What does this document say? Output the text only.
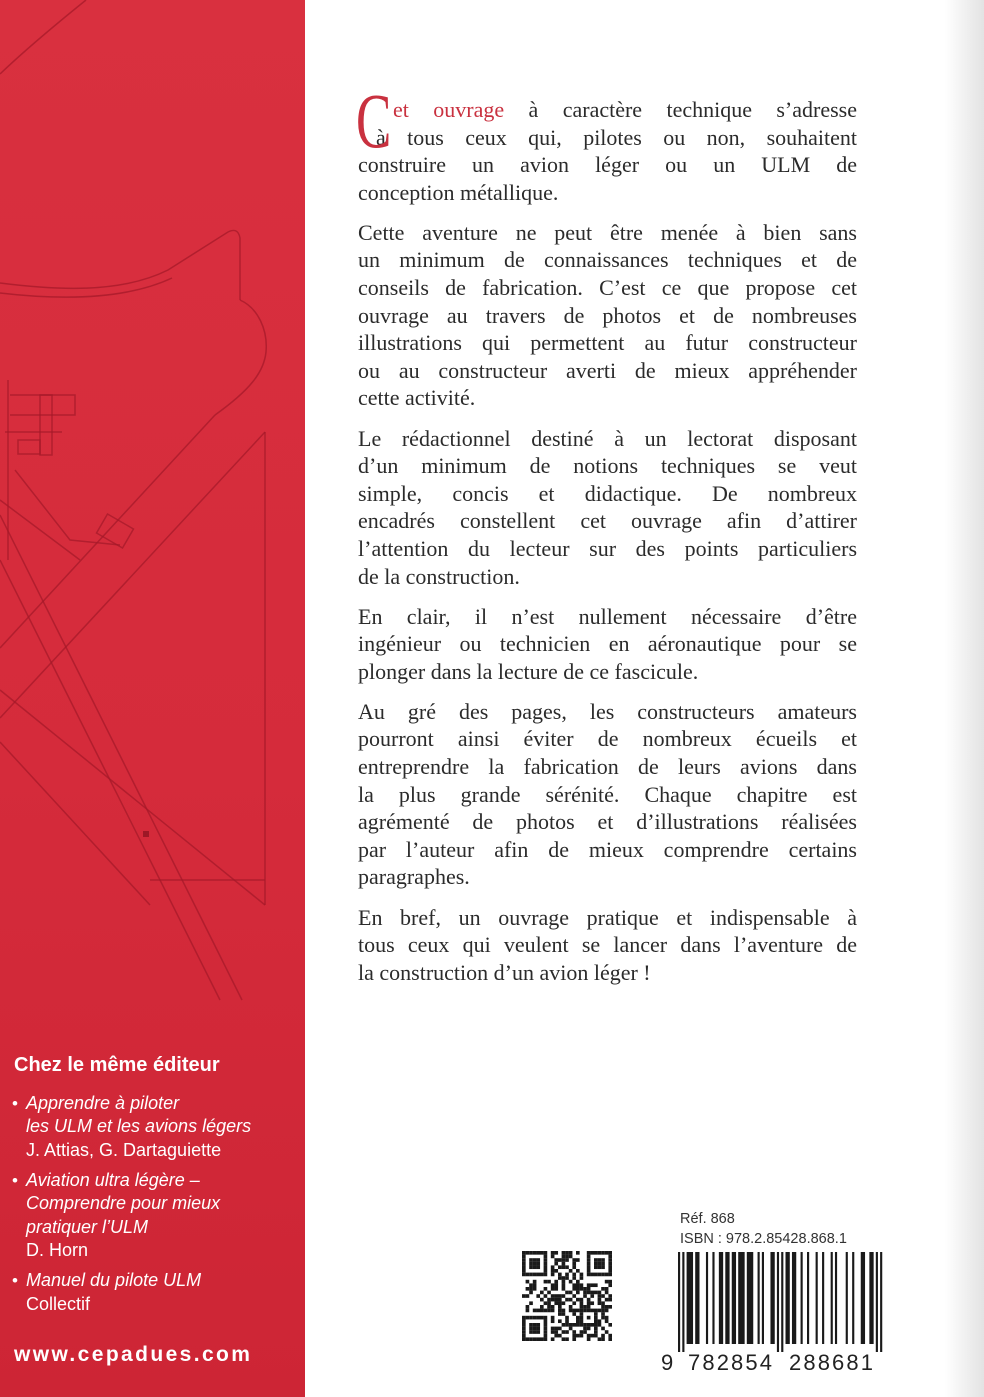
Chez le même éditeur
• Apprendre à piloter
les ULM et les avions légers
J. Attias, G. Dartaguiette
• Aviation ultra légère –
Comprendre pour mieux
pratiquer l’ULM
D. Horn
• Manuel du pilote ULM
Collectif
www.cepadues.com
C et ouvrage à caractère technique s’adresse
à tous ceux qui, pilotes ou non, souhaitent
construire un avion léger ou un ULM de
conception métallique.
Cette aventure ne peut être menée à bien sans
un minimum de connaissances techniques et de
conseils de fabrication. C’est ce que propose cet
ouvrage au travers de photos et de nombreuses
illustrations qui permettent au futur constructeur
ou au constructeur averti de mieux appréhender
cette activité.
Le rédactionnel destiné à un lectorat disposant
d’un minimum de notions techniques se veut
simple, concis et didactique. De nombreux
encadrés constellent cet ouvrage afin d’attirer
l’attention du lecteur sur des points particuliers
de la construction.
En clair, il n’est nullement nécessaire d’être
ingénieur ou technicien en aéronautique pour se
plonger dans la lecture de ce fascicule.
Au gré des pages, les constructeurs amateurs
pourront ainsi éviter de nombreux écueils et
entreprendre la fabrication de leurs avions dans
la plus grande sérénité. Chaque chapitre est
agrémenté de photos et d’illustrations réalisées
par l’auteur afin de mieux comprendre certains
paragraphes.
En bref, un ouvrage pratique et indispensable à
tous ceux qui veulent se lancer dans l’aventure de
la construction d’un avion léger !
Réf. 868
ISBN : 978.2.85428.868.1
9 782854 288681
